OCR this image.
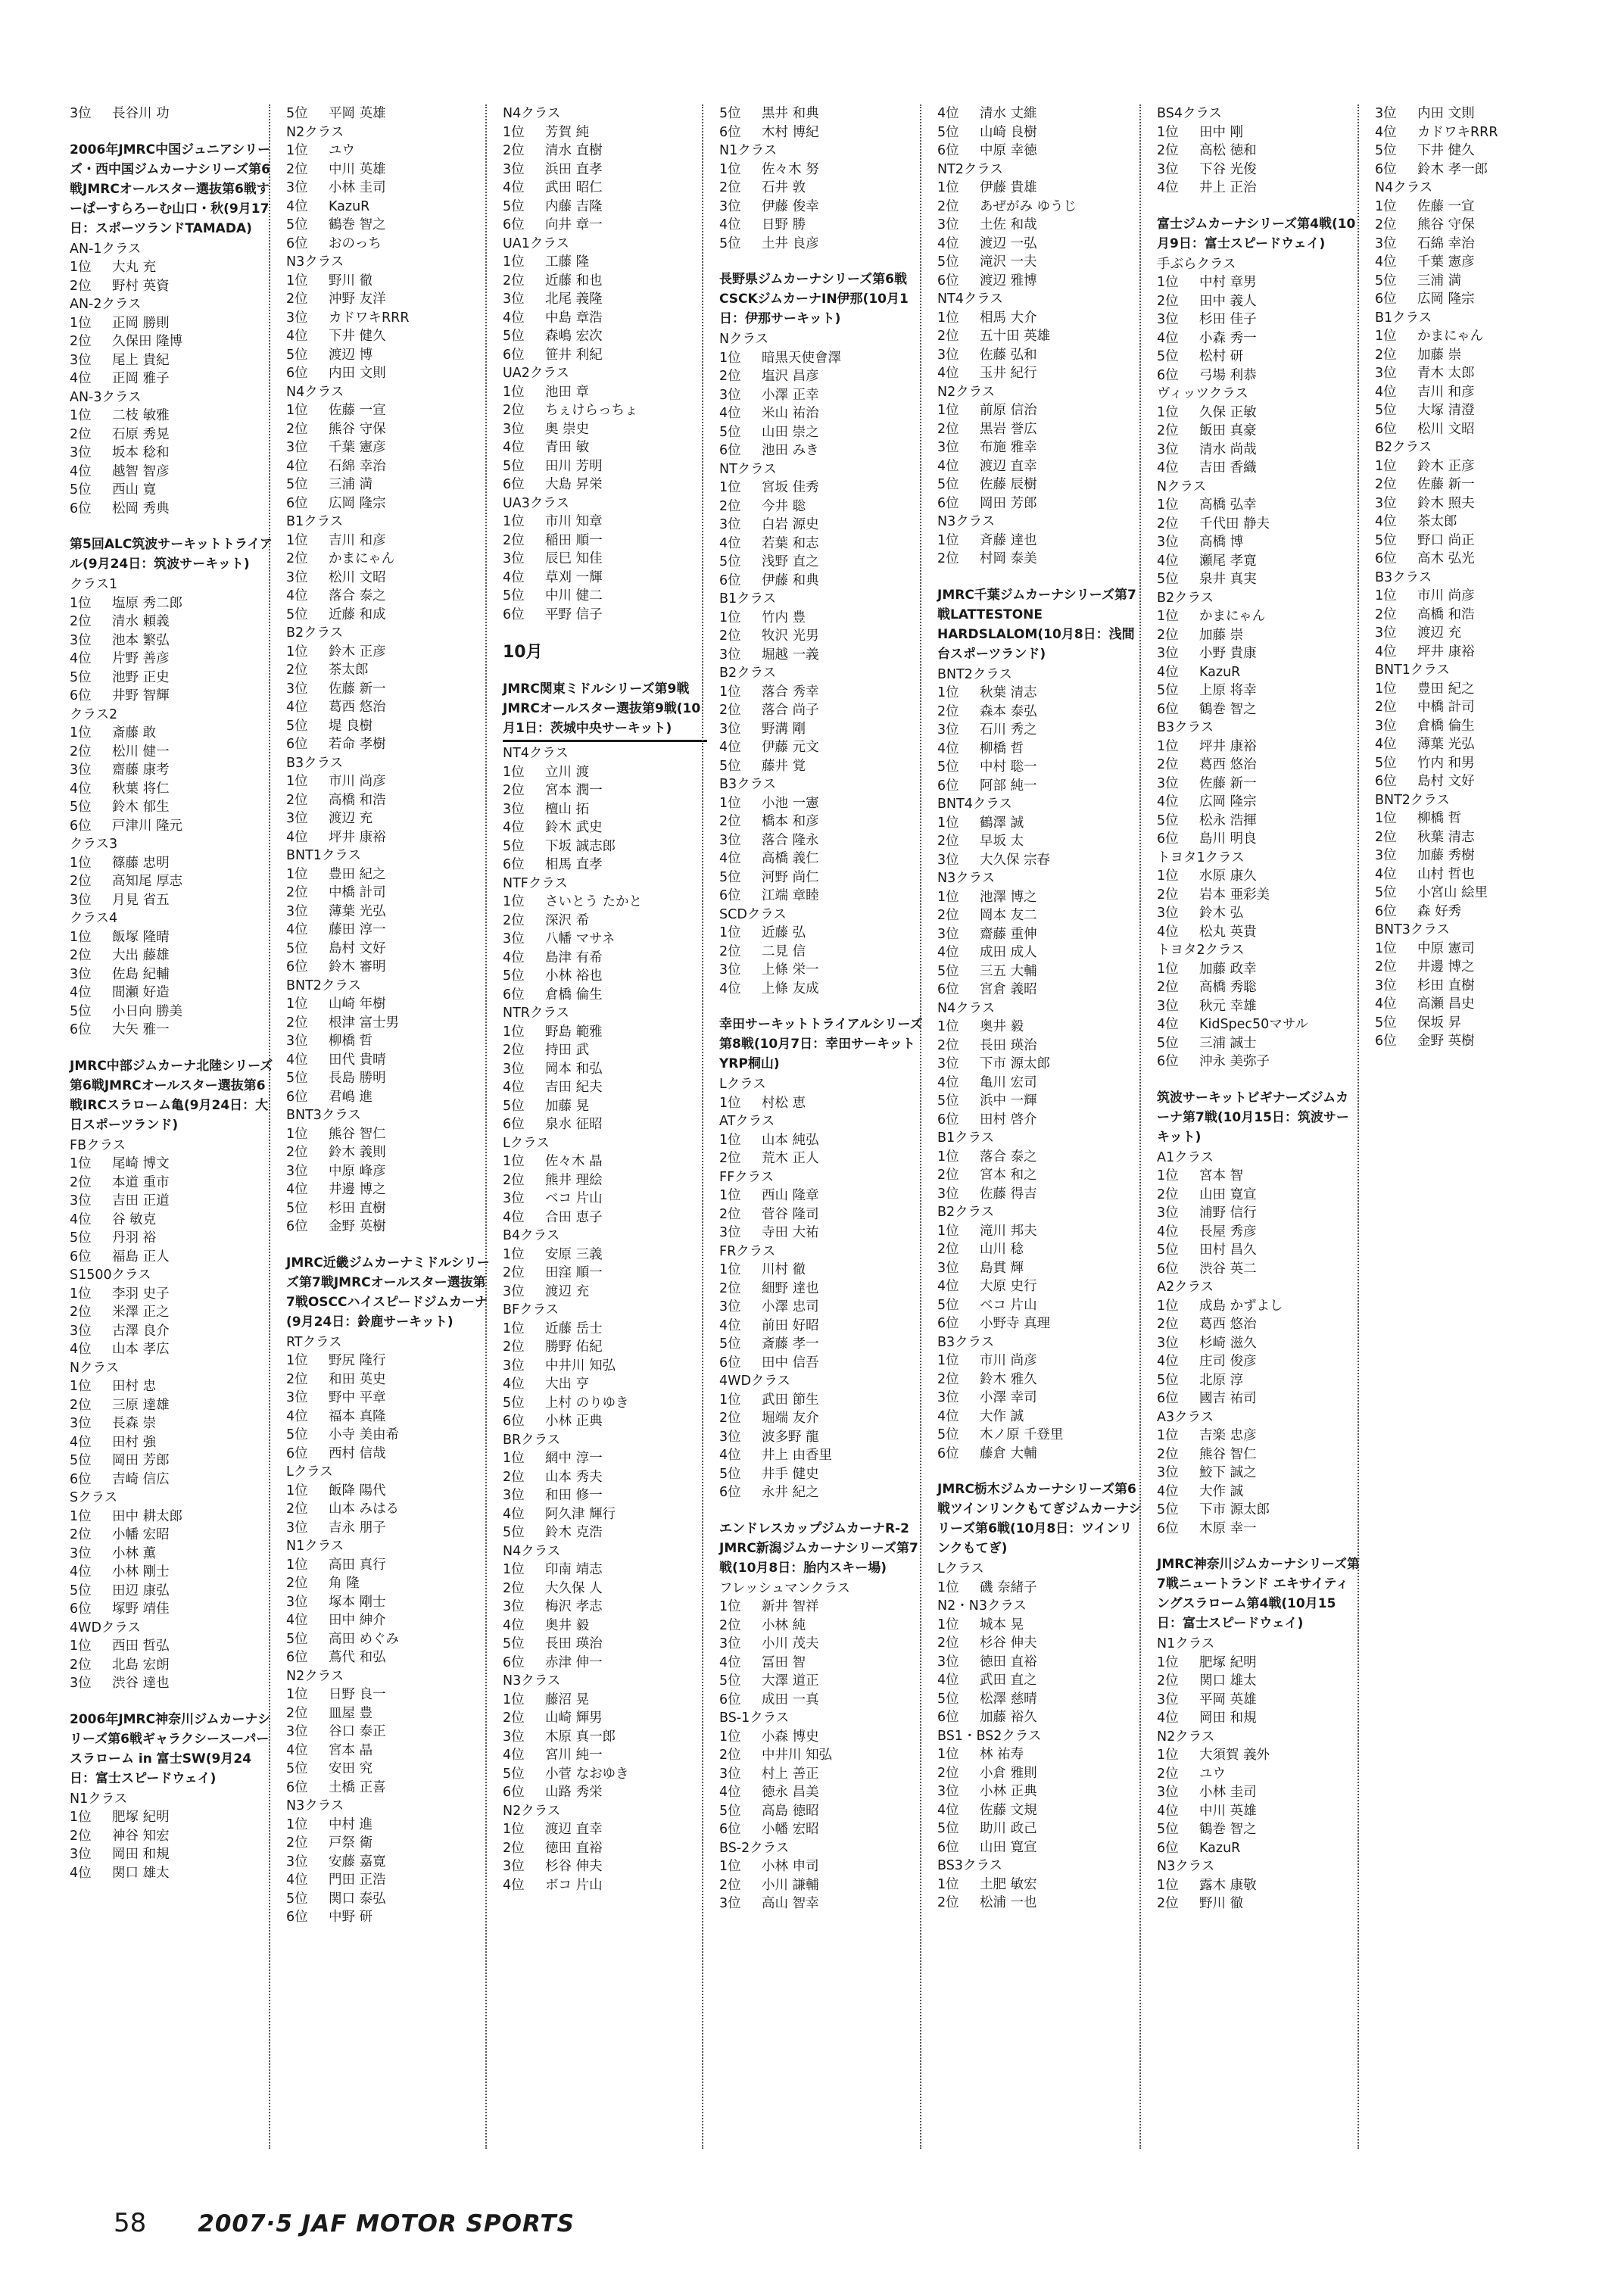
3位 長谷川 功
2006年JMRC中国ジュニアシリーズ・西中国ジムカーナシリーズ第6戦JMRCオールスター選抜第6戦すーぱーすらろーむ山口・秋(9月17日：スポーツランドTAMADA)
AN-1クラス
1位 大丸 充
2位 野村 英資
AN-2クラス
1位 正岡 勝則
2位 久保田 隆博
3位 尾上 貴紀
4位 正岡 雅子
AN-3クラス
1位 二枝 敏雅
2位 石原 秀晃
3位 坂本 稔和
4位 越智 智彦
5位 西山 寛
6位 松岡 秀典
第5回ALC筑波サーキットトライアル(9月24日：筑波サーキット)
クラス1
1位 塩原 秀二郎
2位 清水 頼義
3位 池本 繁弘
4位 片野 善彦
5位 池野 正史
6位 井野 智輝
クラス2
1位 斎藤 敢
2位 松川 健一
3位 齋藤 康考
4位 秋葉 将仁
5位 鈴木 郁生
6位 戸津川 隆元
クラス3
1位 篠藤 忠明
2位 高知尾 厚志
3位 月見 省五
クラス4
1位 飯塚 隆晴
2位 大出 藤雄
3位 佐島 紀輔
4位 間瀬 好造
5位 小日向 勝美
6位 大矢 雅一
JMRC中部ジムカーナ北陸シリーズ第6戦JMRCオールスター選抜第6戦IRCスラローム亀(9月24日：大日スポーツランド)
FBクラス
1位 尾崎 博文
2位 本道 重市
3位 吉田 正道
4位 谷 敏克
5位 丹羽 裕
6位 福島 正人
S1500クラス
1位 李羽 史子
2位 米澤 正之
3位 古澤 良介
4位 山本 孝広
Nクラス
1位 田村 忠
2位 三原 達雄
3位 長森 崇
4位 田村 強
5位 岡田 芳郎
6位 吉崎 信広
Sクラス
1位 田中 耕太郎
2位 小幡 宏昭
3位 小林 薫
4位 小林 剛士
5位 田辺 康弘
6位 塚野 靖佳
4WDクラス
1位 西田 哲弘
2位 北島 宏朗
3位 渋谷 達也
2006年JMRC神奈川ジムカーナシリーズ第6戦ギャラクシースーパースラローム in 富士SW(9月24日：富士スピードウェイ)
N1クラス
1位 肥塚 紀明
2位 神谷 知宏
3位 岡田 和規
4位 関口 雄太
5位 平岡 英雄
N2クラス
1位 ユウ
2位 中川 英雄
3位 小林 圭司
4位 KazuR
5位 鶴巻 智之
6位 おのっち
N3クラス
1位 野川 徹
2位 沖野 友洋
3位 カドワキRRR
4位 下井 健久
5位 渡辺 博
6位 内田 文則
N4クラス
1位 佐藤 一宣
2位 熊谷 守保
3位 千葉 憲彦
4位 石綿 幸治
5位 三浦 満
6位 広岡 隆宗
B1クラス
1位 吉川 和彦
2位 かまにゃん
3位 松川 文昭
4位 落合 泰之
5位 近藤 和成
B2クラス
1位 鈴木 正彦
2位 茶太郎
3位 佐藤 新一
4位 葛西 悠治
5位 堤 良樹
6位 若命 孝樹
B3クラス
1位 市川 尚彦
2位 高橋 和浩
3位 渡辺 充
4位 坪井 康裕
BNT1クラス
1位 豊田 紀之
2位 中橋 計司
3位 薄葉 光弘
4位 藤田 淳一
5位 島村 文好
6位 鈴木 審明
BNT2クラス
1位 山崎 年樹
2位 根津 富士男
3位 柳橋 哲
4位 田代 貴晴
5位 長島 勝明
6位 君嶋 進
BNT3クラス
1位 熊谷 智仁
2位 鈴木 義則
3位 中原 峰彦
4位 井邊 博之
5位 杉田 直樹
6位 金野 英樹
JMRC近畿ジムカーナミドルシリーズ第7戦JMRCオールスター選抜第7戦OSCCハイスピードジムカーナ(9月24日：鈴鹿サーキット)
RTクラス
1位 野尻 隆行
2位 和田 英史
3位 野中 平章
4位 福本 真隆
5位 小寺 美由希
6位 西村 信哉
Lクラス
1位 飯降 陽代
2位 山本 みはる
3位 吉永 朋子
N1クラス
1位 高田 真行
2位 角 隆
3位 塚本 剛士
4位 田中 紳介
5位 高田 めぐみ
6位 蔦代 和弘
N2クラス
1位 日野 良一
2位 皿屋 豊
3位 谷口 泰正
4位 宮本 晶
5位 安田 究
6位 土橋 正喜
N3クラス
1位 中村 進
2位 戸祭 衛
3位 安藤 嘉寛
4位 門田 正浩
5位 関口 泰弘
6位 中野 研
N4クラス
1位 芳賀 純
2位 清水 直樹
3位 浜田 直孝
4位 武田 昭仁
5位 内藤 吉隆
6位 向井 章一
UA1クラス
1位 工藤 隆
2位 近藤 和也
3位 北尾 義隆
4位 中島 章浩
5位 森嶋 宏次
6位 笹井 利紀
UA2クラス
1位 池田 章
2位 ちぇけらっちょ
3位 奥 崇史
4位 青田 敏
5位 田川 芳明
6位 大島 昇栄
UA3クラス
1位 市川 知章
2位 稲田 順一
3位 辰巳 知佳
4位 草刈 一輝
5位 中川 健二
6位 平野 信子
10月
JMRC関東ミドルシリーズ第9戦JMRCオールスター選抜第9戦(10月1日：茨城中央サーキット)
NT4クラス
1位 立川 渡
2位 宮本 潤一
3位 檀山 拓
4位 鈴木 武史
5位 下坂 誠志郎
6位 相馬 直孝
NTFクラス
1位 さいとう たかと
2位 深沢 希
3位 八幡 マサネ
4位 島津 有希
5位 小林 裕也
6位 倉橋 倫生
NTRクラス
1位 野島 範雅
2位 持田 武
3位 岡本 和弘
4位 吉田 紀夫
5位 加藤 晃
6位 泉水 征昭
Lクラス
1位 佐々木 晶
2位 熊井 理絵
3位 ベコ 片山
4位 合田 恵子
B4クラス
1位 安原 三義
2位 田窪 順一
3位 渡辺 充
BFクラス
1位 近藤 岳士
2位 勝野 佑紀
3位 中井川 知弘
4位 大出 亨
5位 上村 のりゆき
6位 小林 正典
BRクラス
1位 網中 淳一
2位 山本 秀夫
3位 和田 修一
4位 阿久津 輝行
5位 鈴木 克浩
N4クラス
1位 印南 靖志
2位 大久保 人
3位 梅沢 孝志
4位 奥井 毅
5位 長田 瑛治
6位 赤津 伸一
N3クラス
1位 藤沼 晃
2位 山崎 輝男
3位 木原 真一郎
4位 宮川 純一
5位 小菅 なおゆき
6位 山路 秀栄
N2クラス
1位 渡辺 直幸
2位 徳田 直裕
3位 杉谷 伸夫
4位 ボコ 片山
5位 黒井 和典
6位 木村 博紀
N1クラス
1位 佐々木 努
2位 石井 敦
3位 伊藤 俊幸
4位 日野 勝
5位 土井 良彦
長野県ジムカーナシリーズ第6戦CSCKジムカーナIN伊那(10月1日：伊那サーキット)
Nクラス
1位 暗黒天使會澤
2位 塩沢 昌彦
3位 小澤 正幸
4位 米山 祐治
5位 山田 崇之
6位 池田 みき
NTクラス
1位 宮坂 佳秀
2位 今井 聡
3位 白岩 源史
4位 若葉 和志
5位 浅野 直之
6位 伊藤 和典
B1クラス
1位 竹内 豊
2位 牧沢 光男
3位 堀越 一義
B2クラス
1位 落合 秀幸
2位 落合 尚子
3位 野溝 剛
4位 伊藤 元文
5位 藤井 覚
B3クラス
1位 小池 一憲
2位 橋本 和彦
3位 落合 隆永
4位 高橋 義仁
5位 河野 尚仁
6位 江端 章睦
SCDクラス
1位 近藤 弘
2位 二見 信
3位 上條 栄一
4位 上條 友成
幸田サーキットトライアルシリーズ第8戦(10月7日：幸田サーキットYRP桐山)
Lクラス
1位 村松 恵
ATクラス
1位 山本 純弘
2位 荒木 正人
FFクラス
1位 西山 隆章
2位 菅谷 隆司
3位 寺田 大祐
FRクラス
1位 川村 徹
2位 細野 達也
3位 小澤 忠司
4位 前田 好昭
5位 斎藤 孝一
6位 田中 信吾
4WDクラス
1位 武田 節生
2位 堀端 友介
3位 波多野 龍
4位 井上 由香里
5位 井手 健史
6位 永井 紀之
エンドレスカップジムカーナR-2 JMRC新潟ジムカーナシリーズ第7戦(10月8日：胎内スキー場)
フレッシュマンクラス
1位 新井 智祥
2位 小林 純
3位 小川 茂夫
4位 冨田 智
5位 大澤 道正
6位 成田 一真
BS-1クラス
1位 小森 博史
2位 中井川 知弘
3位 村上 善正
4位 徳永 昌美
5位 高島 徳昭
6位 小幡 宏昭
BS-2クラス
1位 小林 申司
2位 小川 謙輔
3位 高山 智幸
4位 清水 丈維
5位 山崎 良樹
6位 中原 幸徳
NT2クラス
1位 伊藤 貴雄
2位 あぜがみ ゆうじ
3位 土佐 和哉
4位 渡辺 一弘
5位 滝沢 一夫
6位 渡辺 雅博
NT4クラス
1位 相馬 大介
2位 五十田 英雄
3位 佐藤 弘和
4位 玉井 紀行
N2クラス
1位 前原 信治
2位 黒岩 誉広
3位 布施 雅幸
4位 渡辺 直幸
5位 佐藤 辰樹
6位 岡田 芳郎
N3クラス
1位 斉藤 達也
2位 村岡 泰美
JMRC千葉ジムカーナシリーズ第7戦LATTESTONE HARDSLALOM(10月8日：浅間台スポーツランド)
BNT2クラス
1位 秋葉 清志
2位 森本 泰弘
3位 石川 秀之
4位 柳橋 哲
5位 中村 聡一
6位 阿部 純一
BNT4クラス
1位 鶴澤 誠
2位 早坂 太
3位 大久保 宗春
N3クラス
1位 池澤 博之
2位 岡本 友二
3位 齋藤 重伸
4位 成田 成人
5位 三五 大輔
6位 宮倉 義昭
N4クラス
1位 奥井 毅
2位 長田 瑛治
3位 下市 源太郎
4位 亀川 宏司
5位 浜中 一輝
6位 田村 啓介
B1クラス
1位 落合 泰之
2位 宮本 和之
3位 佐藤 得吉
B2クラス
1位 滝川 邦夫
2位 山川 稔
3位 島貫 輝
4位 大原 史行
5位 ベコ 片山
6位 小野寺 真理
B3クラス
1位 市川 尚彦
2位 鈴木 雅久
3位 小澤 幸司
4位 大作 誠
5位 木ノ原 千登里
6位 藤倉 大輔
JMRC栃木ジムカーナシリーズ第6戦ツインリンクもてぎジムカーナシリーズ第6戦(10月8日：ツインリンクもてぎ)
Lクラス
1位 磯 奈緒子
N2・N3クラス
1位 城本 晃
2位 杉谷 伸夫
3位 徳田 直裕
4位 武田 直之
5位 松澤 慈晴
6位 加藤 裕久
BS1・BS2クラス
1位 林 祐寿
2位 小倉 雅則
3位 小林 正典
4位 佐藤 文規
5位 助川 政己
6位 山田 寛宣
BS3クラス
1位 土肥 敏宏
2位 松浦 一也
BS4クラス
1位 田中 剛
2位 高松 徳和
3位 下谷 光俊
4位 井上 正治
富士ジムカーナシリーズ第4戦(10月9日：富士スピードウェイ)
手ぶらクラス
1位 中村 章男
2位 田中 義人
3位 杉田 佳子
4位 小森 秀一
5位 松村 研
6位 弓場 利恭
ヴィッツクラス
1位 久保 正敏
2位 飯田 真豪
3位 清水 尚哉
4位 吉田 香織
Nクラス
1位 高橋 弘幸
2位 千代田 静夫
3位 高橋 博
4位 瀬尾 孝寛
5位 泉井 真実
B2クラス
1位 かまにゃん
2位 加藤 崇
3位 小野 貴康
4位 KazuR
5位 上原 将幸
6位 鶴巻 智之
B3クラス
1位 坪井 康裕
2位 葛西 悠治
3位 佐藤 新一
4位 広岡 隆宗
5位 松永 浩揮
6位 島川 明良
トヨタ1クラス
1位 水原 康久
2位 岩本 亜彩美
3位 鈴木 弘
4位 松丸 英貴
トヨタ2クラス
1位 加藤 政幸
2位 高橋 秀聡
3位 秋元 幸雄
4位 KidSpec50マサル
5位 三浦 誠士
6位 沖永 美弥子
筑波サーキットビギナーズジムカーナ第7戦(10月15日：筑波サーキット)
A1クラス
1位 宮本 智
2位 山田 寛宣
3位 浦野 信行
4位 長屋 秀彦
5位 田村 昌久
6位 渋谷 英二
A2クラス
1位 成島 かずよし
2位 葛西 悠治
3位 杉崎 滋久
4位 庄司 俊彦
5位 北原 淳
6位 國吉 祐司
A3クラス
1位 吉楽 忠彦
2位 熊谷 智仁
3位 鮫下 誠之
4位 大作 誠
5位 下市 源太郎
6位 木原 幸一
JMRC神奈川ジムカーナシリーズ第7戦ニュートランド エキサイティングスラローム第4戦(10月15日：富士スピードウェイ)
N1クラス
1位 肥塚 紀明
2位 関口 雄太
3位 平岡 英雄
4位 岡田 和規
N2クラス
1位 大須賀 義外
2位 ユウ
3位 小林 圭司
4位 中川 英雄
5位 鶴巻 智之
6位 KazuR
N3クラス
1位 露木 康敬
2位 野川 徹
3位 内田 文則
4位 カドワキRRR
5位 下井 健久
6位 鈴木 孝一郎
N4クラス
1位 佐藤 一宣
2位 熊谷 守保
3位 石綿 幸治
4位 千葉 憲彦
5位 三浦 満
6位 広岡 隆宗
B1クラス
1位 かまにゃん
2位 加藤 崇
3位 青木 太郎
4位 吉川 和彦
5位 大塚 清澄
6位 松川 文昭
B2クラス
1位 鈴木 正彦
2位 佐藤 新一
3位 鈴木 照夫
4位 茶太郎
5位 野口 尚正
6位 高木 弘光
B3クラス
1位 市川 尚彦
2位 高橋 和浩
3位 渡辺 充
4位 坪井 康裕
BNT1クラス
1位 豊田 紀之
2位 中橋 計司
3位 倉橋 倫生
4位 薄葉 光弘
5位 竹内 和男
6位 島村 文好
BNT2クラス
1位 柳橋 哲
2位 秋葉 清志
3位 加藤 秀樹
4位 山村 哲也
5位 小宮山 絵里
6位 森 好秀
BNT3クラス
1位 中原 憲司
2位 井邊 博之
3位 杉田 直樹
4位 高瀬 昌史
5位 保坂 昇
6位 金野 英樹
58 2007·5 JAF MOTOR SPORTS
